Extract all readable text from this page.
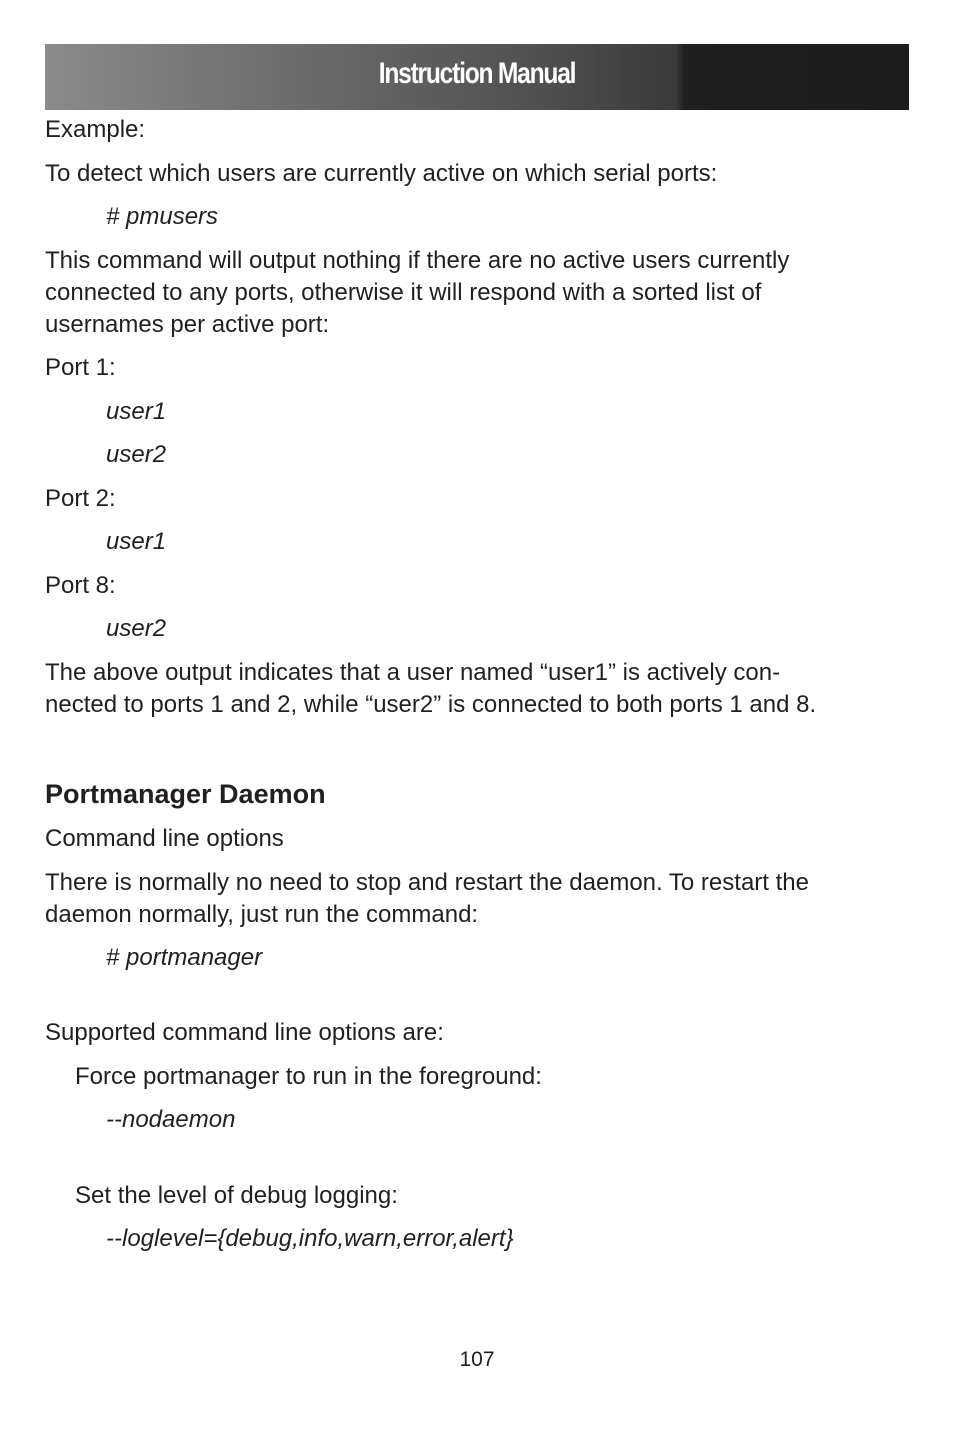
Instruction Manual
Example:
To detect which users are currently active on which serial ports:
# pmusers
This command will output nothing if there are no active users currently
connected to any ports, otherwise it will respond with a sorted list of
usernames per active port:
Port 1:
user1
user2
Port 2:
user1
Port 8:
user2
The above output indicates that a user named “user1” is actively con-
nected to ports 1 and 2, while “user2” is connected to both ports 1 and 8.
Portmanager Daemon
Command line options
There is normally no need to stop and restart the daemon. To restart the
daemon normally, just run the command:
# portmanager
Supported command line options are:
Force portmanager to run in the foreground:
--nodaemon
Set the level of debug logging:
--loglevel={debug,info,warn,error,alert}
107
